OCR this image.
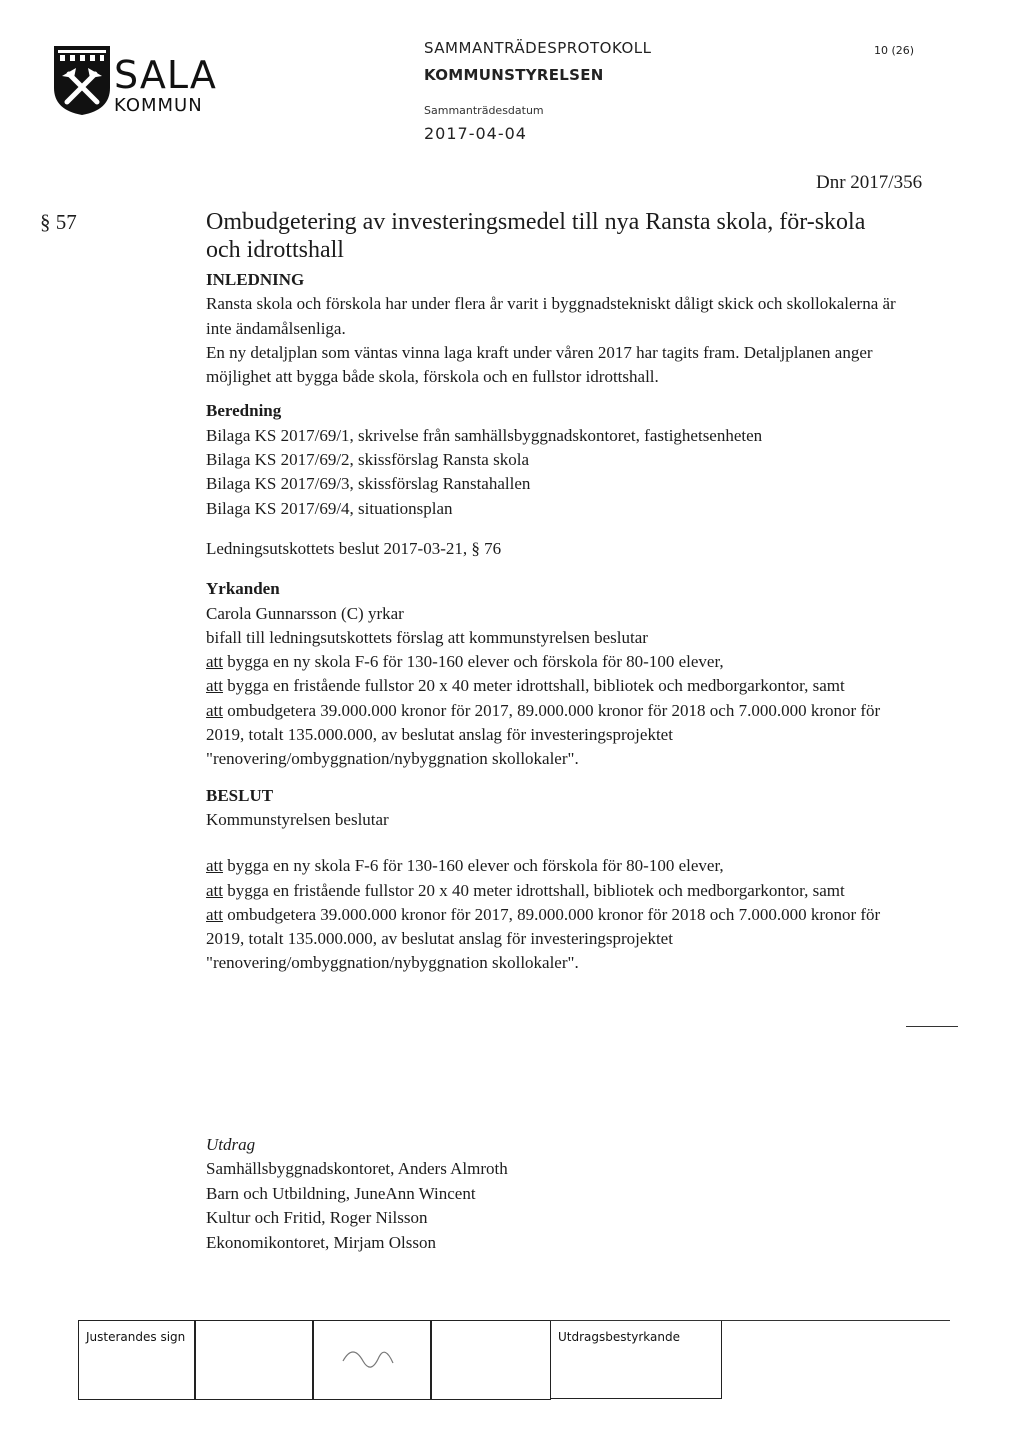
SALA
KOMMUN
SAMMANTRÄDESPROTOKOLL
KOMMUNSTYRELSEN
Sammanträdesdatum
2017-04-04
10 (26)
Dnr 2017/356
§ 57	Ombudgetering av investeringsmedel till nya Ransta skola, för-skola och idrottshall

INLEDNING

Ransta skola och förskola har under flera år varit i byggnadstekniskt dåligt skick och skollokalerna är inte ändamålsenliga.

En ny detaljplan som väntas vinna laga kraft under våren 2017 har tagits fram. Detaljplanen anger möjlighet att bygga både skola, förskola och en fullstor idrottshall.

Beredning

Bilaga KS 2017/69/1, skrivelse från samhällsbyggnadskontoret, fastighetsenheten

Bilaga KS 2017/69/2, skissförslag Ransta skola

Bilaga KS 2017/69/3, skissförslag Ranstahallen

Bilaga KS 2017/69/4, situationsplan

Ledningsutskottets beslut 2017-03-21, § 76

Yrkanden

Carola Gunnarsson (C) yrkar

bifall till ledningsutskottets förslag att kommunstyrelsen beslutar

att bygga en ny skola F-6 för 130-160 elever och förskola för 80-100 elever,

att bygga en fristående fullstor 20 x 40 meter idrottshall, bibliotek och medborgarkontor, samt

att ombudgetera 39.000.000 kronor för 2017, 89.000.000 kronor för 2018 och 7.000.000 kronor för 2019, totalt 135.000.000, av beslutat anslag för investeringsprojektet "renovering/ombyggnation/nybyggnation skollokaler".

BESLUT

Kommunstyrelsen beslutar

att bygga en ny skola F-6 för 130-160 elever och förskola för 80-100 elever,

att bygga en fristående fullstor 20 x 40 meter idrottshall, bibliotek och medborgarkontor, samt

att ombudgetera 39.000.000 kronor för 2017, 89.000.000 kronor för 2018 och 7.000.000 kronor för 2019, totalt 135.000.000, av beslutat anslag för investeringsprojektet "renovering/ombyggnation/nybyggnation skollokaler".

Utdrag

Samhällsbyggnadskontoret, Anders Almroth

Barn och Utbildning, JuneAnn Wincent

Kultur och Fritid, Roger Nilsson

Ekonomikontoret, Mirjam Olsson

Justerandes sign	Utdragsbestyrkande
